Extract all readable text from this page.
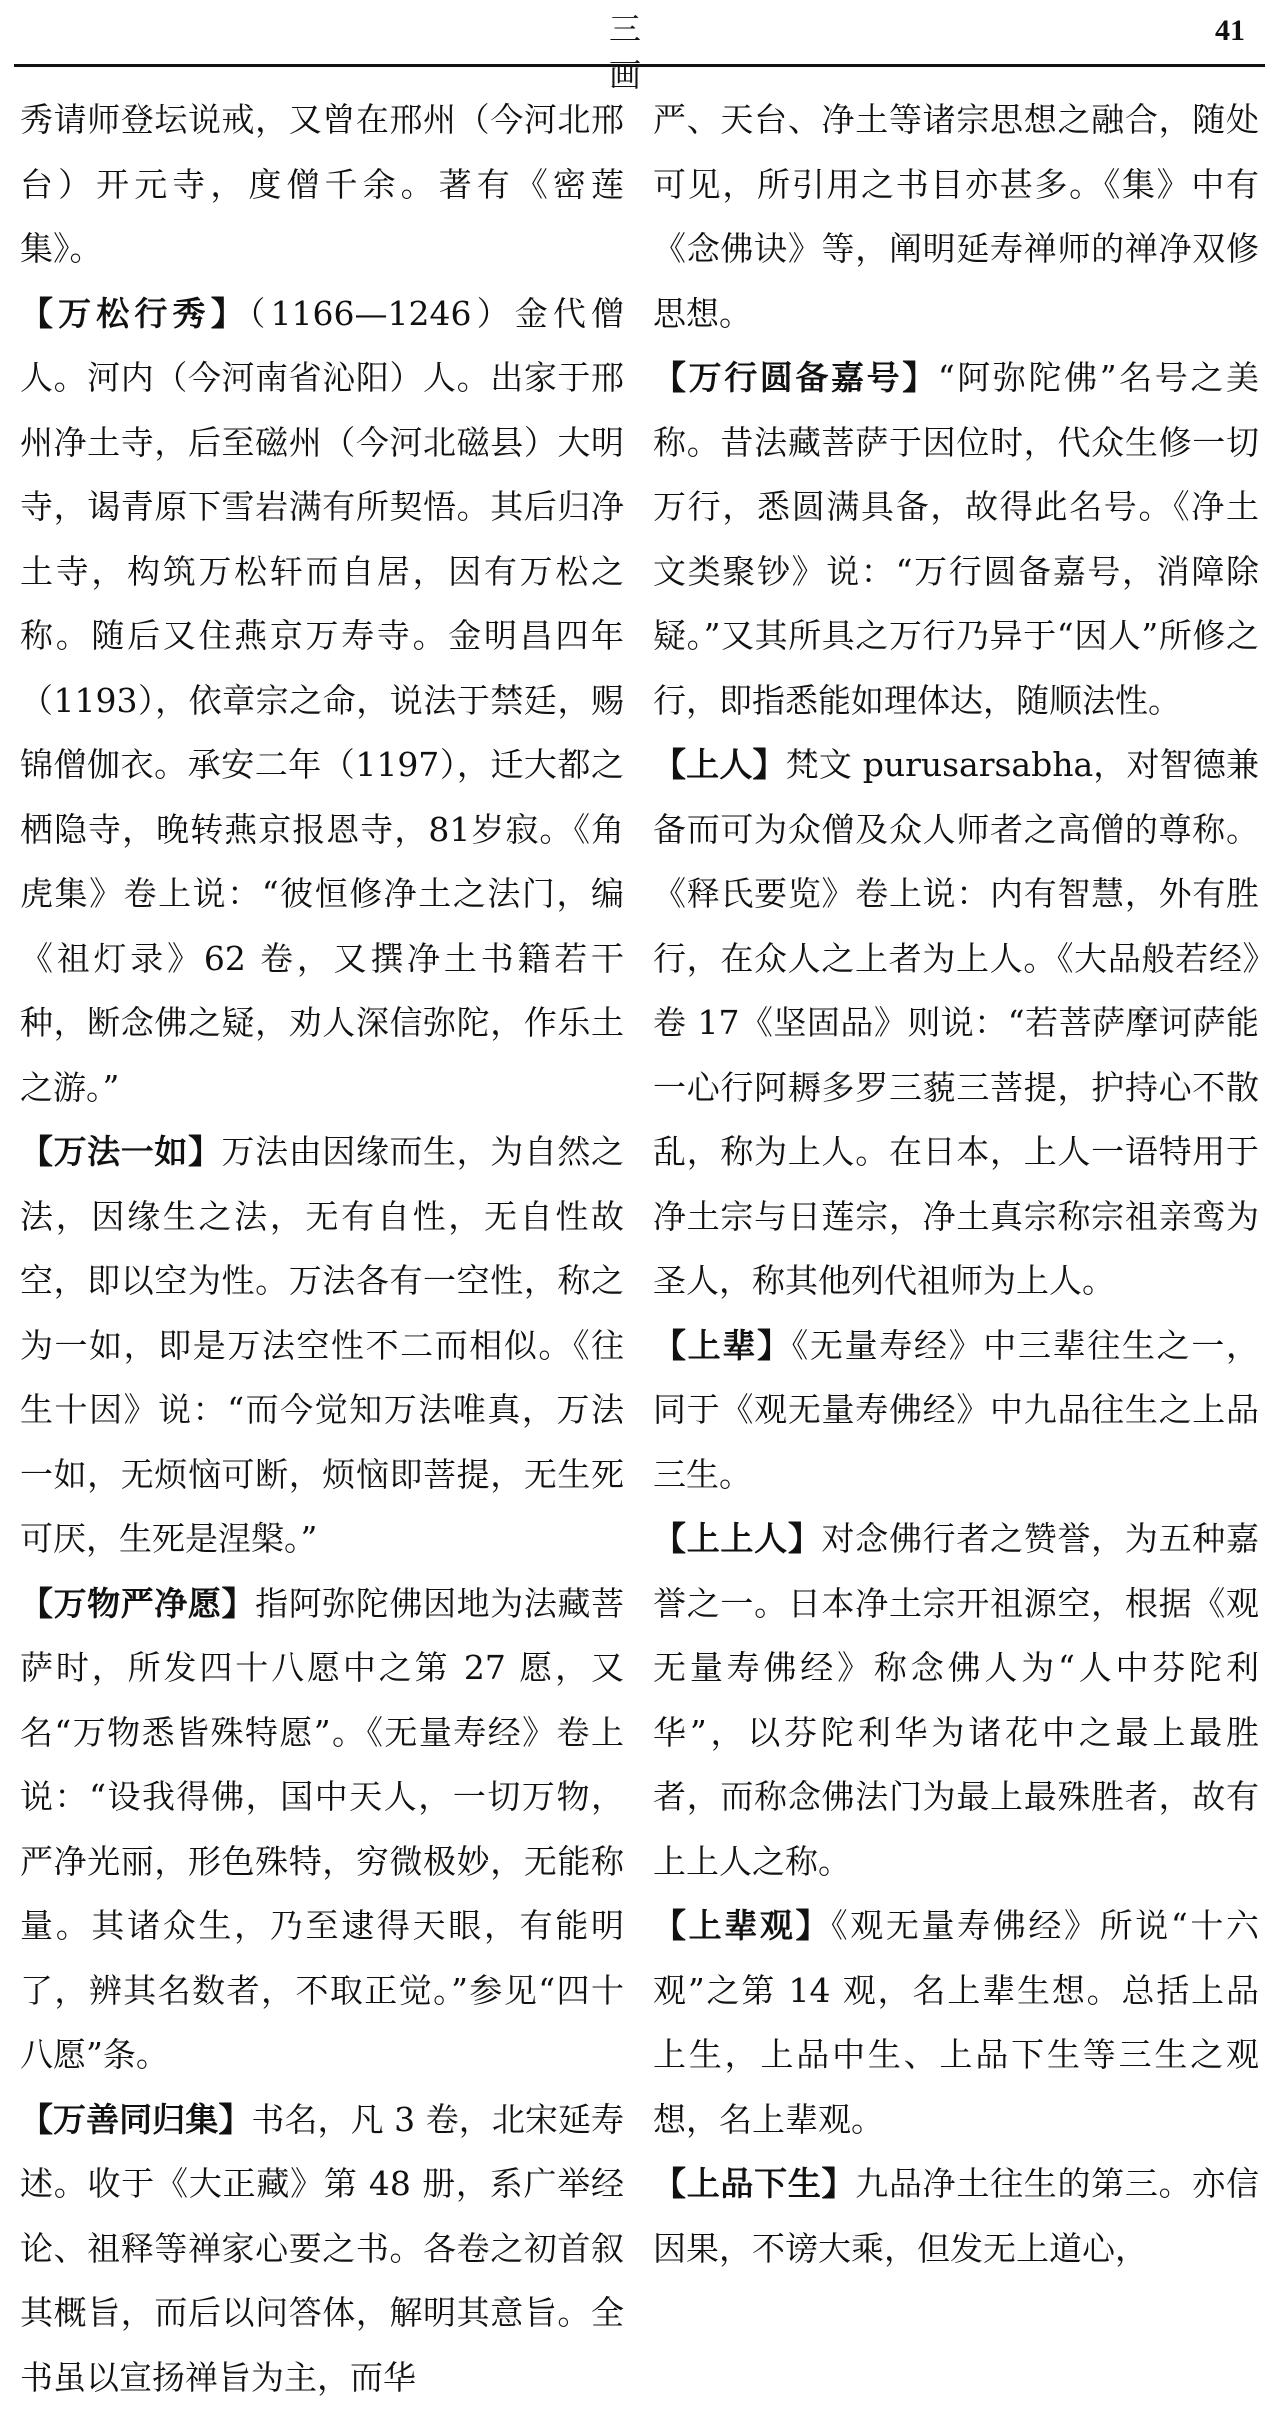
三 画
41

秀请师登坛说戒，又曾在邢州（今河北邢台）开元寺，度僧千余。著有《密莲集》。

【万松行秀】（1166—1246）金代僧人。河内（今河南省沁阳）人。出家于邢州净土寺，后至磁州（今河北磁县）大明寺，谒青原下雪岩满有所契悟。其后归净土寺，构筑万松轩而自居，因有万松之称。随后又住燕京万寿寺。金明昌四年（1193），依章宗之命，说法于禁廷，赐锦僧伽衣。承安二年（1197），迁大都之栖隐寺，晚转燕京报恩寺，81岁寂。《角虎集》卷上说：“彼恒修净土之法门，编《祖灯录》62 卷，又撰净土书籍若干种，断念佛之疑，劝人深信弥陀，作乐土之游。”

【万法一如】万法由因缘而生，为自然之法，因缘生之法，无有自性，无自性故空，即以空为性。万法各有一空性，称之为一如，即是万法空性不二而相似。《往生十因》说：“而今觉知万法唯真，万法一如，无烦恼可断，烦恼即菩提，无生死可厌，生死是涅槃。”

【万物严净愿】指阿弥陀佛因地为法藏菩萨时，所发四十八愿中之第 27 愿，又名“万物悉皆殊特愿”。《无量寿经》卷上说：“设我得佛，国中天人，一切万物，严净光丽，形色殊特，穷微极妙，无能称量。其诸众生，乃至逮得天眼，有能明了，辨其名数者，不取正觉。”参见“四十八愿”条。

【万善同归集】书名，凡 3 卷，北宋延寿述。收于《大正藏》第 48 册，系广举经论、祖释等禅家心要之书。各卷之初首叙其概旨，而后以问答体，解明其意旨。全书虽以宣扬禅旨为主，而华

严、天台、净土等诸宗思想之融合，随处可见，所引用之书目亦甚多。《集》中有《念佛诀》等，阐明延寿禅师的禅净双修思想。

【万行圆备嘉号】“阿弥陀佛”名号之美称。昔法藏菩萨于因位时，代众生修一切万行，悉圆满具备，故得此名号。《净土文类聚钞》说：“万行圆备嘉号，消障除疑。”又其所具之万行乃异于“因人”所修之行，即指悉能如理体达，随顺法性。

【上人】梵文 purusarsabha，对智德兼备而可为众僧及众人师者之高僧的尊称。《释氏要览》卷上说：内有智慧，外有胜行，在众人之上者为上人。《大品般若经》卷 17《坚固品》则说：“若菩萨摩诃萨能一心行阿耨多罗三藐三菩提，护持心不散乱，称为上人。在日本，上人一语特用于净土宗与日莲宗，净土真宗称宗祖亲鸾为圣人，称其他列代祖师为上人。

【上辈】《无量寿经》中三辈往生之一，同于《观无量寿佛经》中九品往生之上品三生。

【上上人】对念佛行者之赞誉，为五种嘉誉之一。日本净土宗开祖源空，根据《观无量寿佛经》称念佛人为“人中芬陀利华”，以芬陀利华为诸花中之最上最胜者，而称念佛法门为最上最殊胜者，故有上上人之称。

【上辈观】《观无量寿佛经》所说“十六观”之第 14 观，名上辈生想。总括上品上生，上品中生、上品下生等三生之观想，名上辈观。

【上品下生】九品净土往生的第三。亦信因果，不谤大乘，但发无上道心，
